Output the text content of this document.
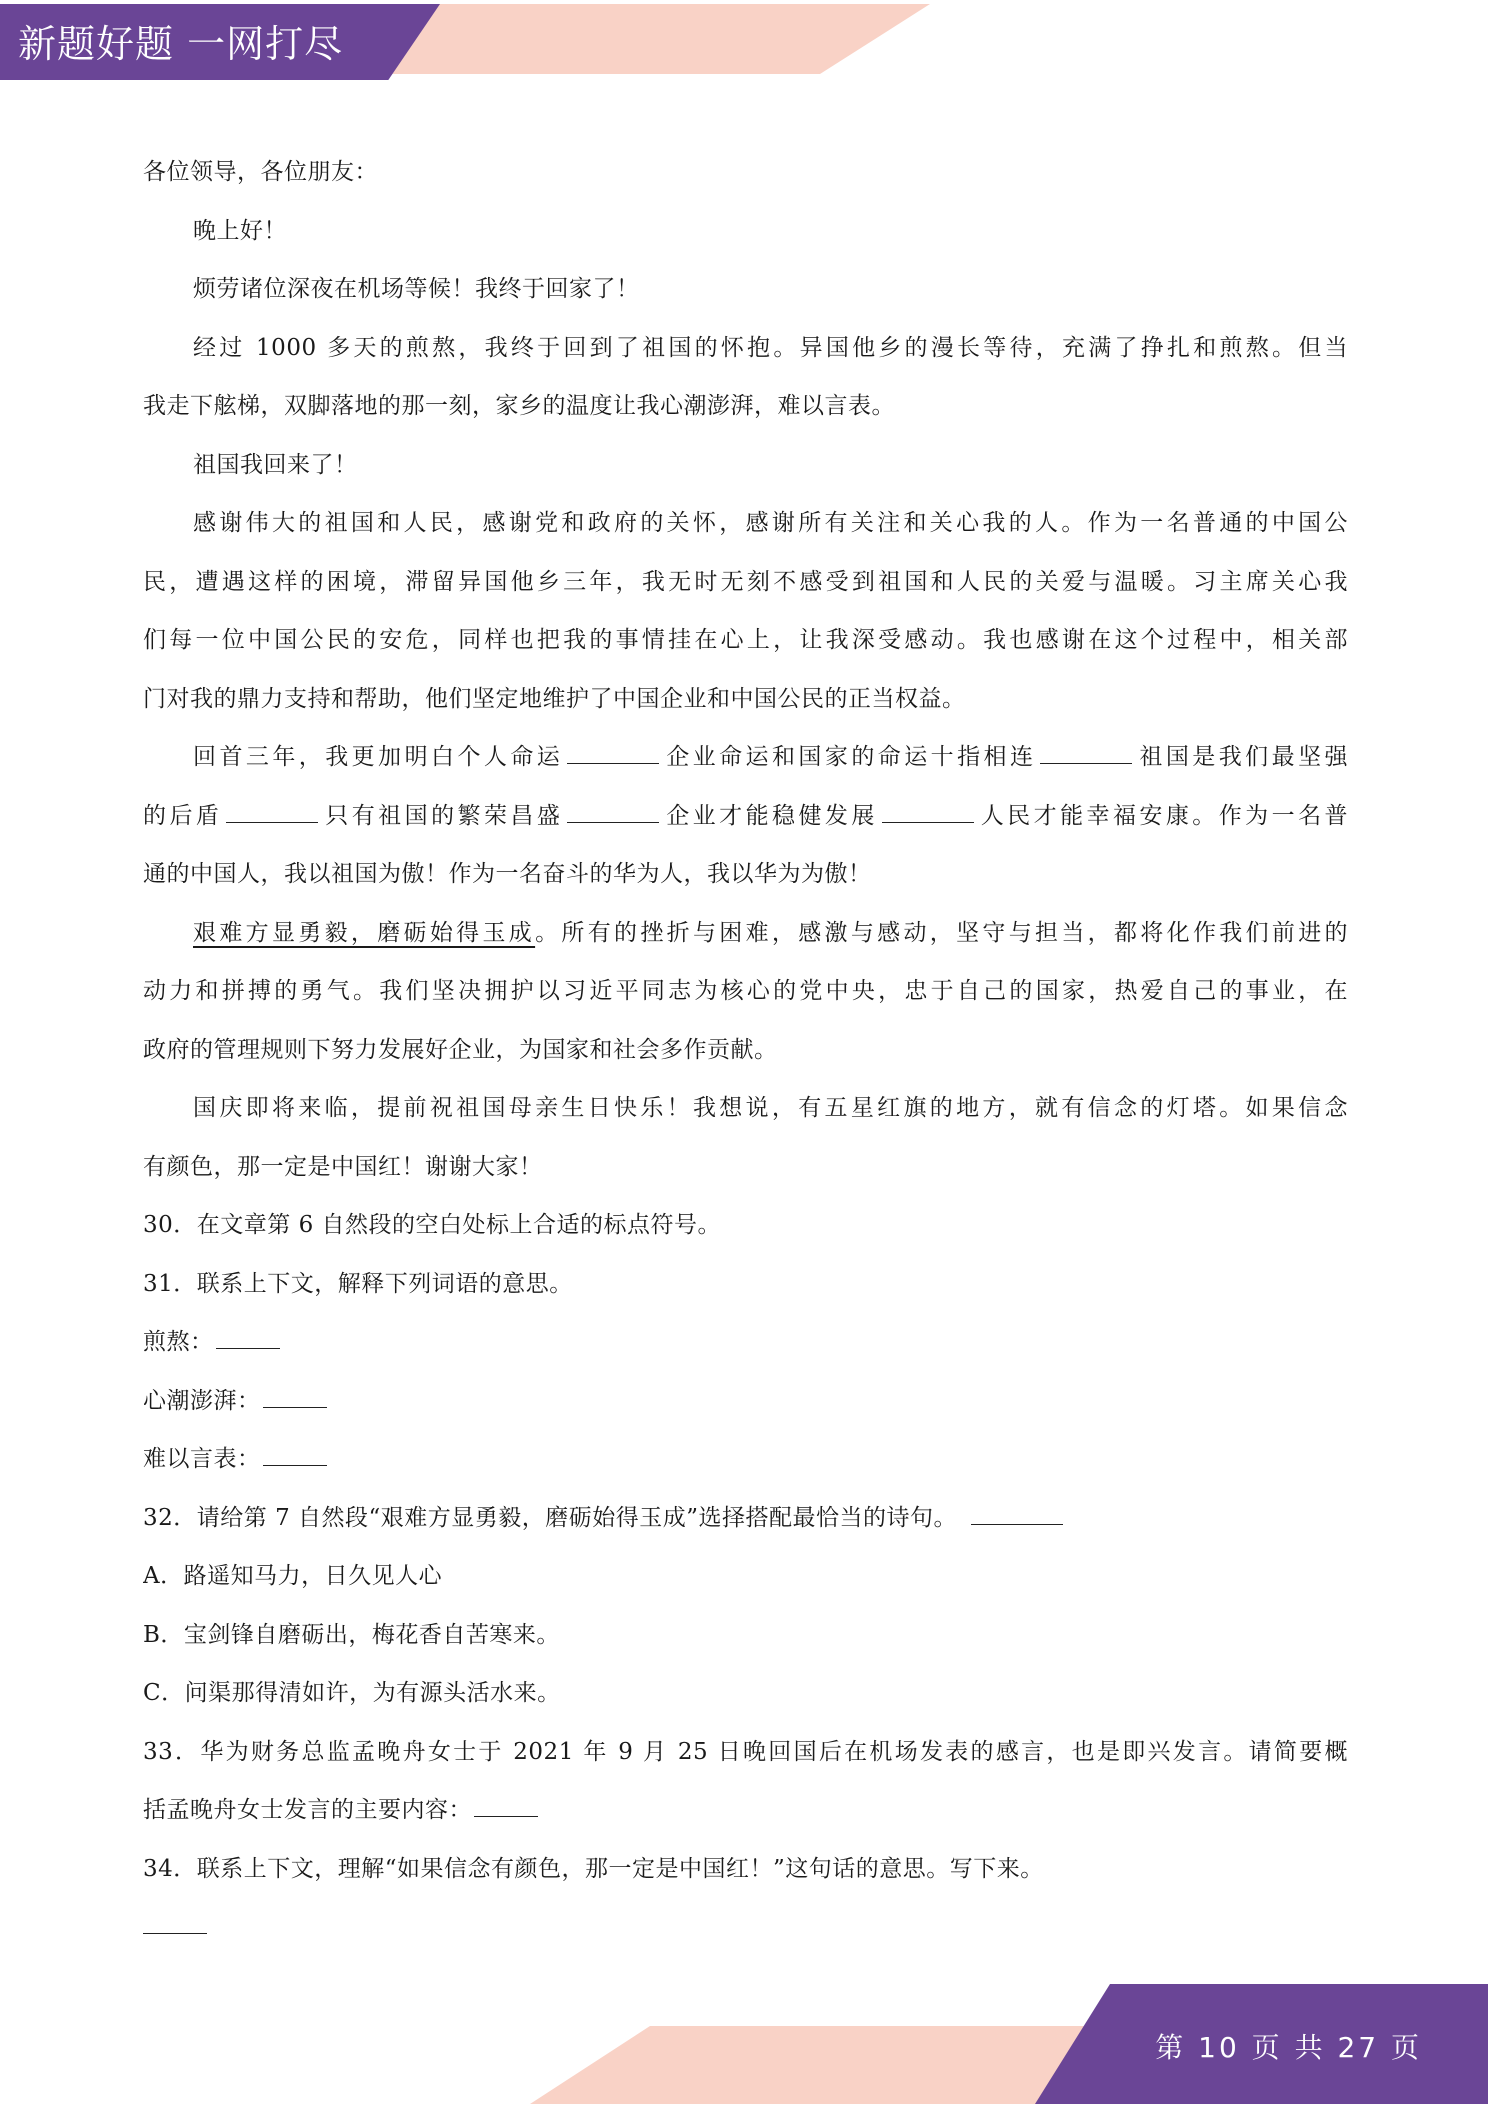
新题好题 一网打尽
第 10 页 共 27 页
各位领导，各位朋友：
晚上好！
烦劳诸位深夜在机场等候！我终于回家了！
经过 1000 多天的煎熬，我终于回到了祖国的怀抱。异国他乡的漫长等待，充满了挣扎和煎熬。但当
我走下舷梯，双脚落地的那一刻，家乡的温度让我心潮澎湃，难以言表。
祖国我回来了！
感谢伟大的祖国和人民，感谢党和政府的关怀，感谢所有关注和关心我的人。作为一名普通的中国公
民，遭遇这样的困境，滞留异国他乡三年，我无时无刻不感受到祖国和人民的关爱与温暖。习主席关心我
们每一位中国公民的安危，同样也把我的事情挂在心上，让我深受感动。我也感谢在这个过程中，相关部
门对我的鼎力支持和帮助，他们坚定地维护了中国企业和中国公民的正当权益。
回首三年，我更加明白个人命运	企业命运和国家的命运十指相连	祖国是我们最坚强
的后盾	只有祖国的繁荣昌盛	企业才能稳健发展	人民才能幸福安康。作为一名普
通的中国人，我以祖国为傲！作为一名奋斗的华为人，我以华为为傲！
艰难方显勇毅，磨砺始得玉成。所有的挫折与困难，感激与感动，坚守与担当，都将化作我们前进的
动力和拼搏的勇气。我们坚决拥护以习近平同志为核心的党中央，忠于自己的国家，热爱自己的事业，在
政府的管理规则下努力发展好企业，为国家和社会多作贡献。
国庆即将来临，提前祝祖国母亲生日快乐！我想说，有五星红旗的地方，就有信念的灯塔。如果信念
有颜色，那一定是中国红！谢谢大家！
30．在文章第 6 自然段的空白处标上合适的标点符号。
31．联系上下文，解释下列词语的意思。
煎熬：
心潮澎湃：
难以言表：
32．请给第 7 自然段“艰难方显勇毅，磨砺始得玉成”选择搭配最恰当的诗句。
A．路遥知马力，日久见人心
B．宝剑锋自磨砺出，梅花香自苦寒来。
C．问渠那得清如许，为有源头活水来。
33．华为财务总监孟晚舟女士于 2021 年 9 月 25 日晚回国后在机场发表的感言，也是即兴发言。请简要概
括孟晚舟女士发言的主要内容：
34．联系上下文，理解“如果信念有颜色，那一定是中国红！”这句话的意思。写下来。
